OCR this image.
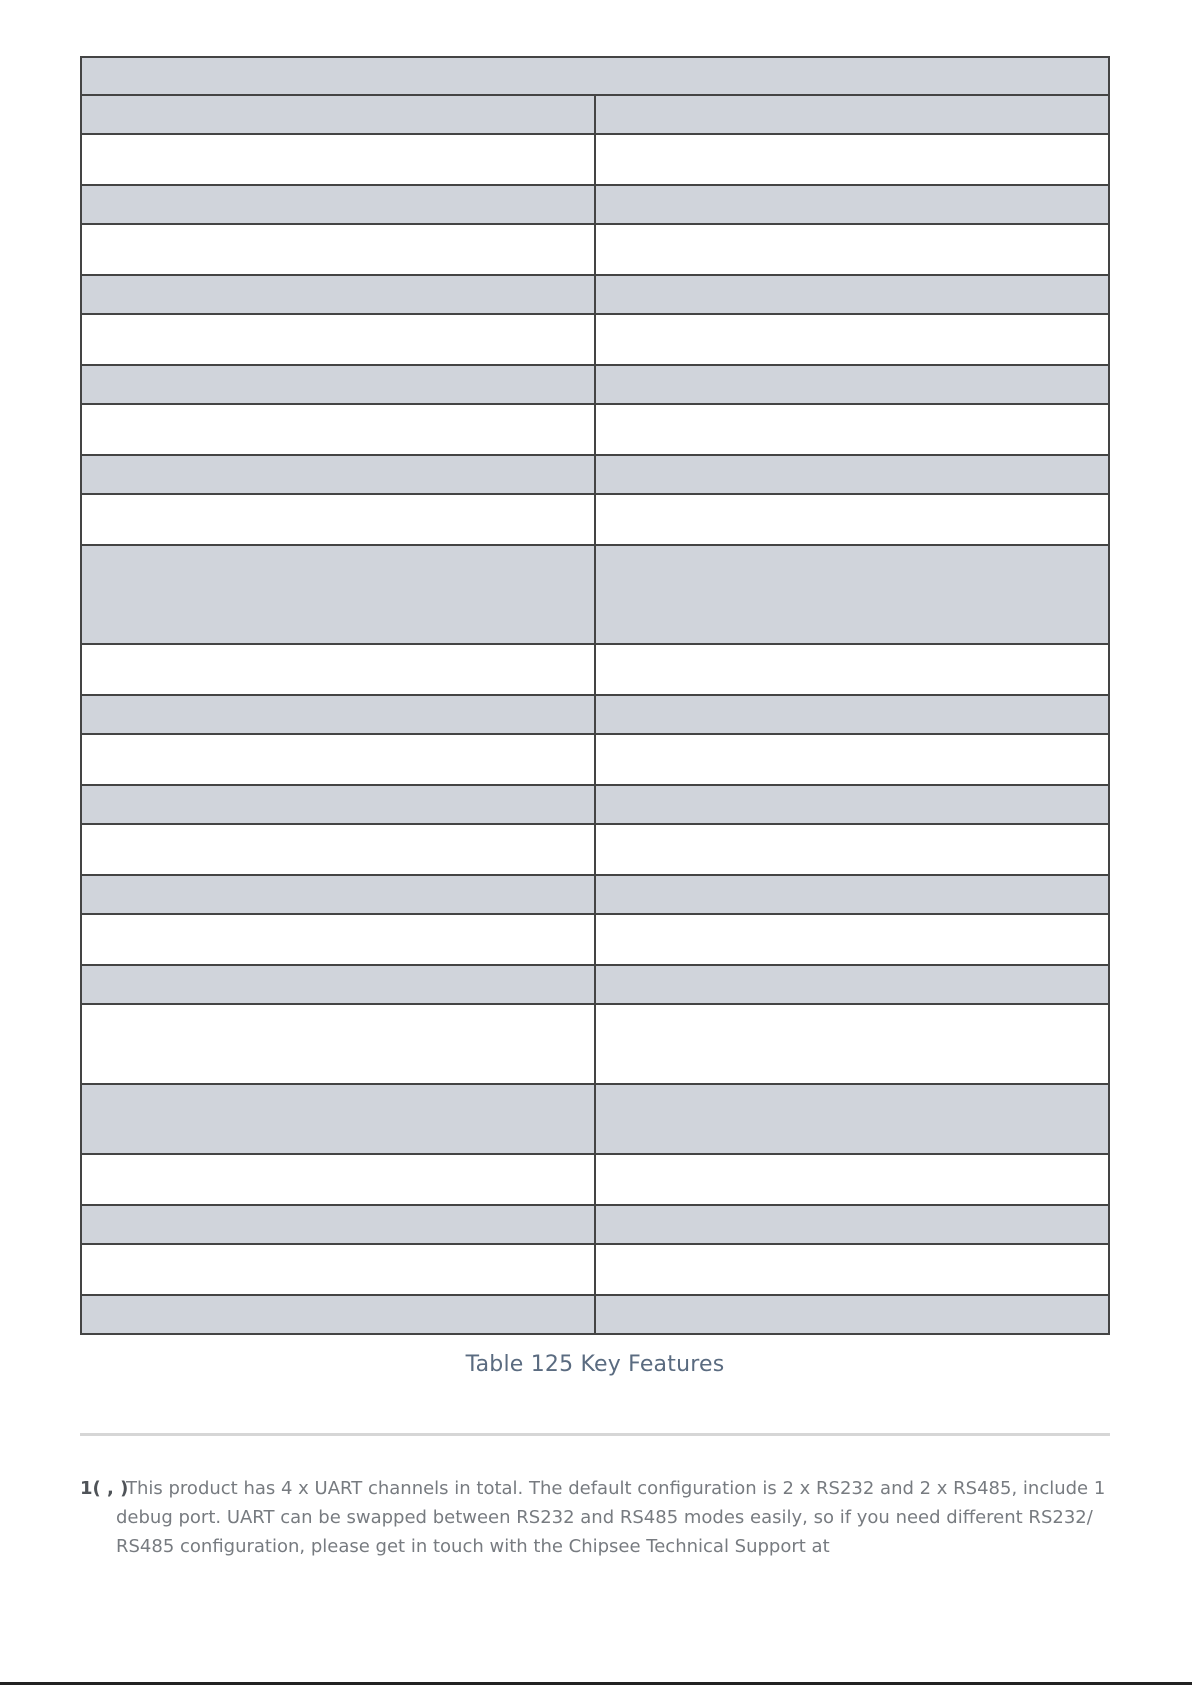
Table 125 Key Features
1( , )
This product has 4 x UART channels in total. The default configuration is 2 x RS232 and 2 x RS485, include 1
debug port. UART can be swapped between RS232 and RS485 modes easily, so if you need different RS232/ RS485 configuration, please get in touch with the Chipsee Technical Support at
